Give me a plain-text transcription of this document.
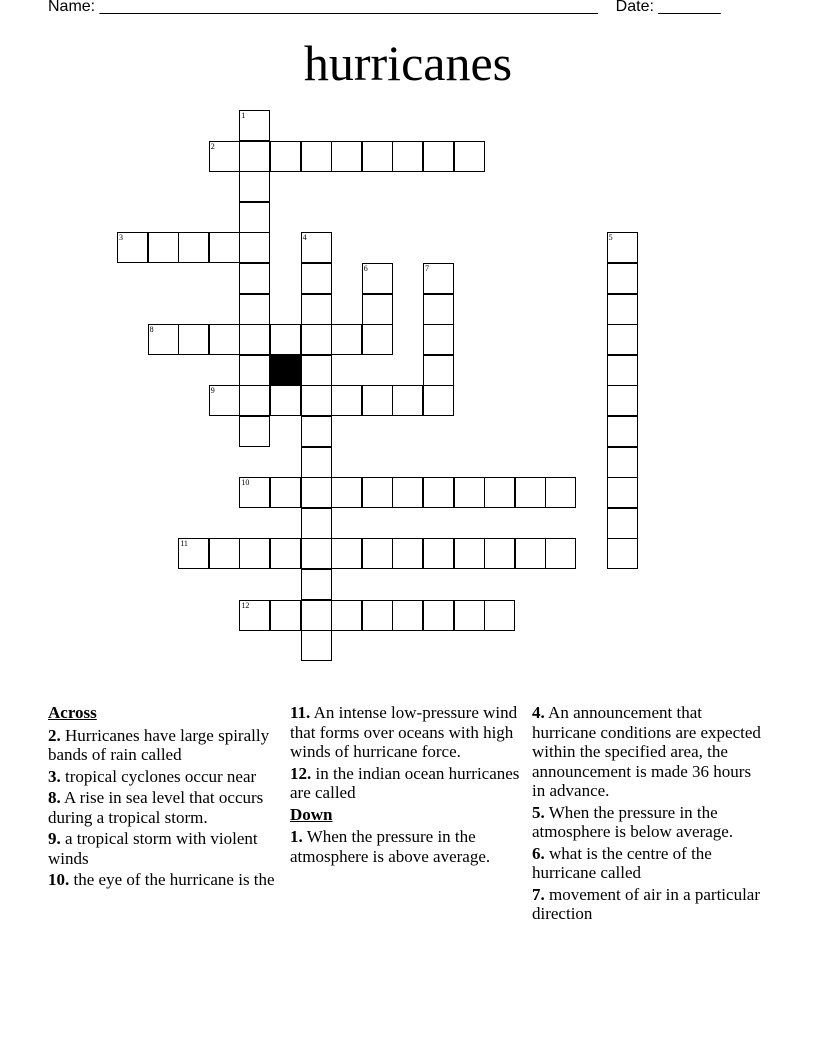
Name: ________________________________________________________ Date: _______
hurricanes
1
2
3	4	5
6	7
8
9
10
11
12
Across
2. Hurricanes have large spirally bands of rain called
3. tropical cyclones occur near
8. A rise in sea level that occurs during a tropical storm.
9. a tropical storm with violent winds
10. the eye of the hurricane is the
11. An intense low-pressure wind that forms over oceans with high winds of hurricane force.
12. in the indian ocean hurricanes are called
Down
1. When the pressure in the atmosphere is above average.
4. An announcement that hurricane conditions are expected within the specified area, the announcement is made 36 hours in advance.
5. When the pressure in the atmosphere is below average.
6. what is the centre of the hurricane called
7. movement of air in a particular direction
